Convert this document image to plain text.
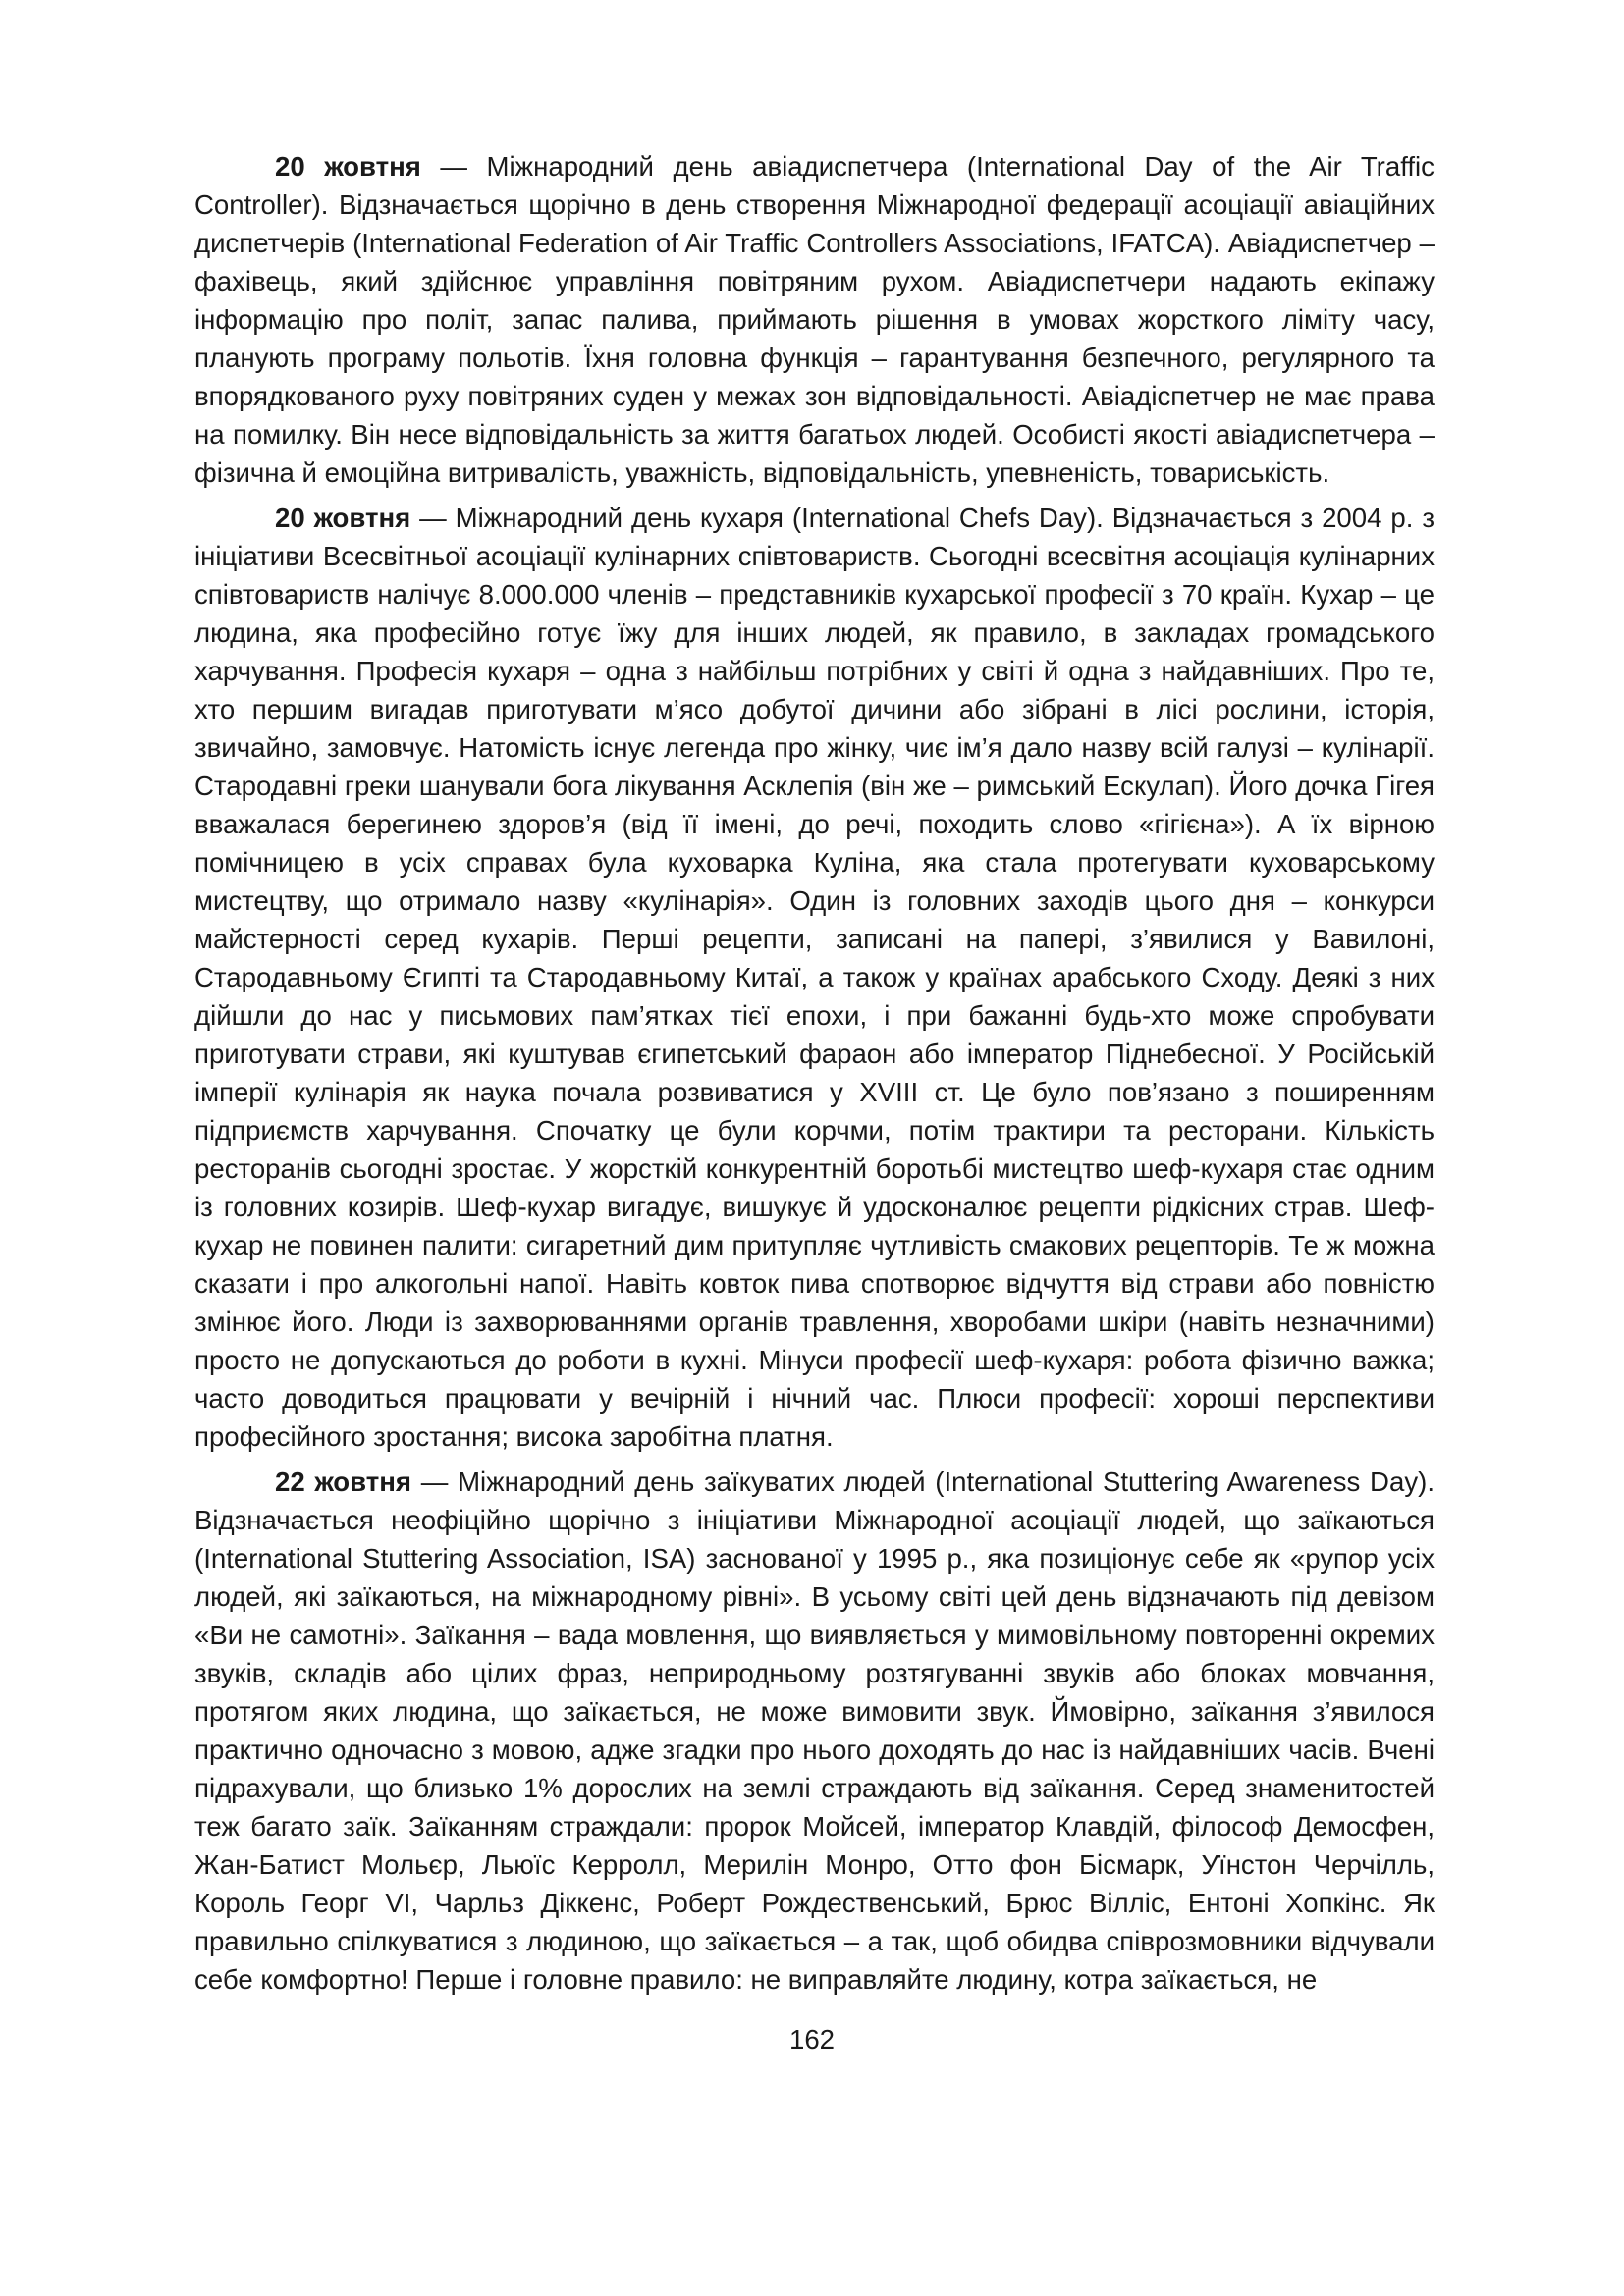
20 жовтня — Міжнародний день авіадиспетчера (International Day of the Air Traffic Controller). Відзначається щорічно в день створення Міжнародної федерації асоціації авіаційних диспетчерів (International Federation of Air Traffic Controllers Associations, IFATCA). Авіадиспетчер – фахівець, який здійснює управління повітряним рухом. Авіадиспетчери надають екіпажу інформацію про політ, запас палива, приймають рішення в умовах жорсткого ліміту часу, планують програму польотів. Їхня головна функція – гарантування безпечного, регулярного та впорядкованого руху повітряних суден у межах зон відповідальності. Авіадіспетчер не має права на помилку. Він несе відповідальність за життя багатьох людей. Особисті якості авіадиспетчера – фізична й емоційна витривалість, уважність, відповідальність, упевненість, товариськість.

20 жовтня — Міжнародний день кухаря (International Chefs Day). Відзначається з 2004 р. з ініціативи Всесвітньої асоціації кулінарних співтовариств. Сьогодні всесвітня асоціація кулінарних співтовариств налічує 8.000.000 членів – представників кухарської професії з 70 країн. Кухар – це людина, яка професійно готує їжу для інших людей, як правило, в закладах громадського харчування. Професія кухаря – одна з найбільш потрібних у світі й одна з найдавніших. Про те, хто першим вигадав приготувати м’ясо добутої дичини або зібрані в лісі рослини, історія, звичайно, замовчує. Натомість існує легенда про жінку, чиє ім’я дало назву всій галузі – кулінарії. Стародавні греки шанували бога лікування Асклепія (він же – римський Ескулап). Його дочка Гігея вважалася берегинею здоров’я (від її імені, до речі, походить слово «гігієна»). А їх вірною помічницею в усіх справах була куховарка Куліна, яка стала протегувати куховарському мистецтву, що отримало назву «кулінарія». Один із головних заходів цього дня – конкурси майстерності серед кухарів. Перші рецепти, записані на папері, з’явилися у Вавилоні, Стародавньому Єгипті та Стародавньому Китаї, а також у країнах арабського Сходу. Деякі з них дійшли до нас у письмових пам’ятках тієї епохи, і при бажанні будь-хто може спробувати приготувати страви, які куштував єгипетський фараон або імператор Піднебесної. У Російській імперії кулінарія як наука почала розвиватися у XVIII ст. Це було пов’язано з поширенням підприємств харчування. Спочатку це були корчми, потім трактири та ресторани. Кількість ресторанів сьогодні зростає. У жорсткій конкурентній боротьбі мистецтво шеф-кухаря стає одним із головних козирів. Шеф-кухар вигадує, вишукує й удосконалює рецепти рідкісних страв. Шеф-кухар не повинен палити: сигаретний дим притупляє чутливість смакових рецепторів. Те ж можна сказати і про алкогольні напої. Навіть ковток пива спотворює відчуття від страви або повністю змінює його. Люди із захворюваннями органів травлення, хворобами шкіри (навіть незначними) просто не допускаються до роботи в кухні. Мінуси професії шеф-кухаря: робота фізично важка; часто доводиться працювати у вечірній і нічний час. Плюси професії: хороші перспективи професійного зростання; висока заробітна платня.

22 жовтня — Міжнародний день заїкуватих людей (International Stuttering Awareness Day). Відзначається неофіційно щорічно з ініціативи Міжнародної асоціації людей, що заїкаються (International Stuttering Association, ISA) заснованої у 1995 р., яка позиціонує себе як «рупор усіх людей, які заїкаються, на міжнародному рівні». В усьому світі цей день відзначають під девізом «Ви не самотні». Заїкання – вада мовлення, що виявляється у мимовільному повторенні окремих звуків, складів або цілих фраз, неприродньому розтягуванні звуків або блоках мовчання, протягом яких людина, що заїкається, не може вимовити звук. Ймовірно, заїкання з’явилося практично одночасно з мовою, адже згадки про нього доходять до нас із найдавніших часів. Вчені підрахували, що близько 1% дорослих на землі страждають від заїкання. Серед знаменитостей теж багато заїк. Заїканням страждали: пророк Мойсей, імператор Клавдій, філософ Демосфен, Жан-Батист Мольєр, Льюїс Керролл, Мерилін Монро, Отто фон Бісмарк, Уїнстон Черчілль, Король Георг VI, Чарльз Діккенс, Роберт Рождественський, Брюс Вілліс, Ентоні Хопкінс. Як правильно спілкуватися з людиною, що заїкається – а так, щоб обидва співрозмовники відчували себе комфортно! Перше і головне правило: не виправляйте людину, котра заїкається, не

162
